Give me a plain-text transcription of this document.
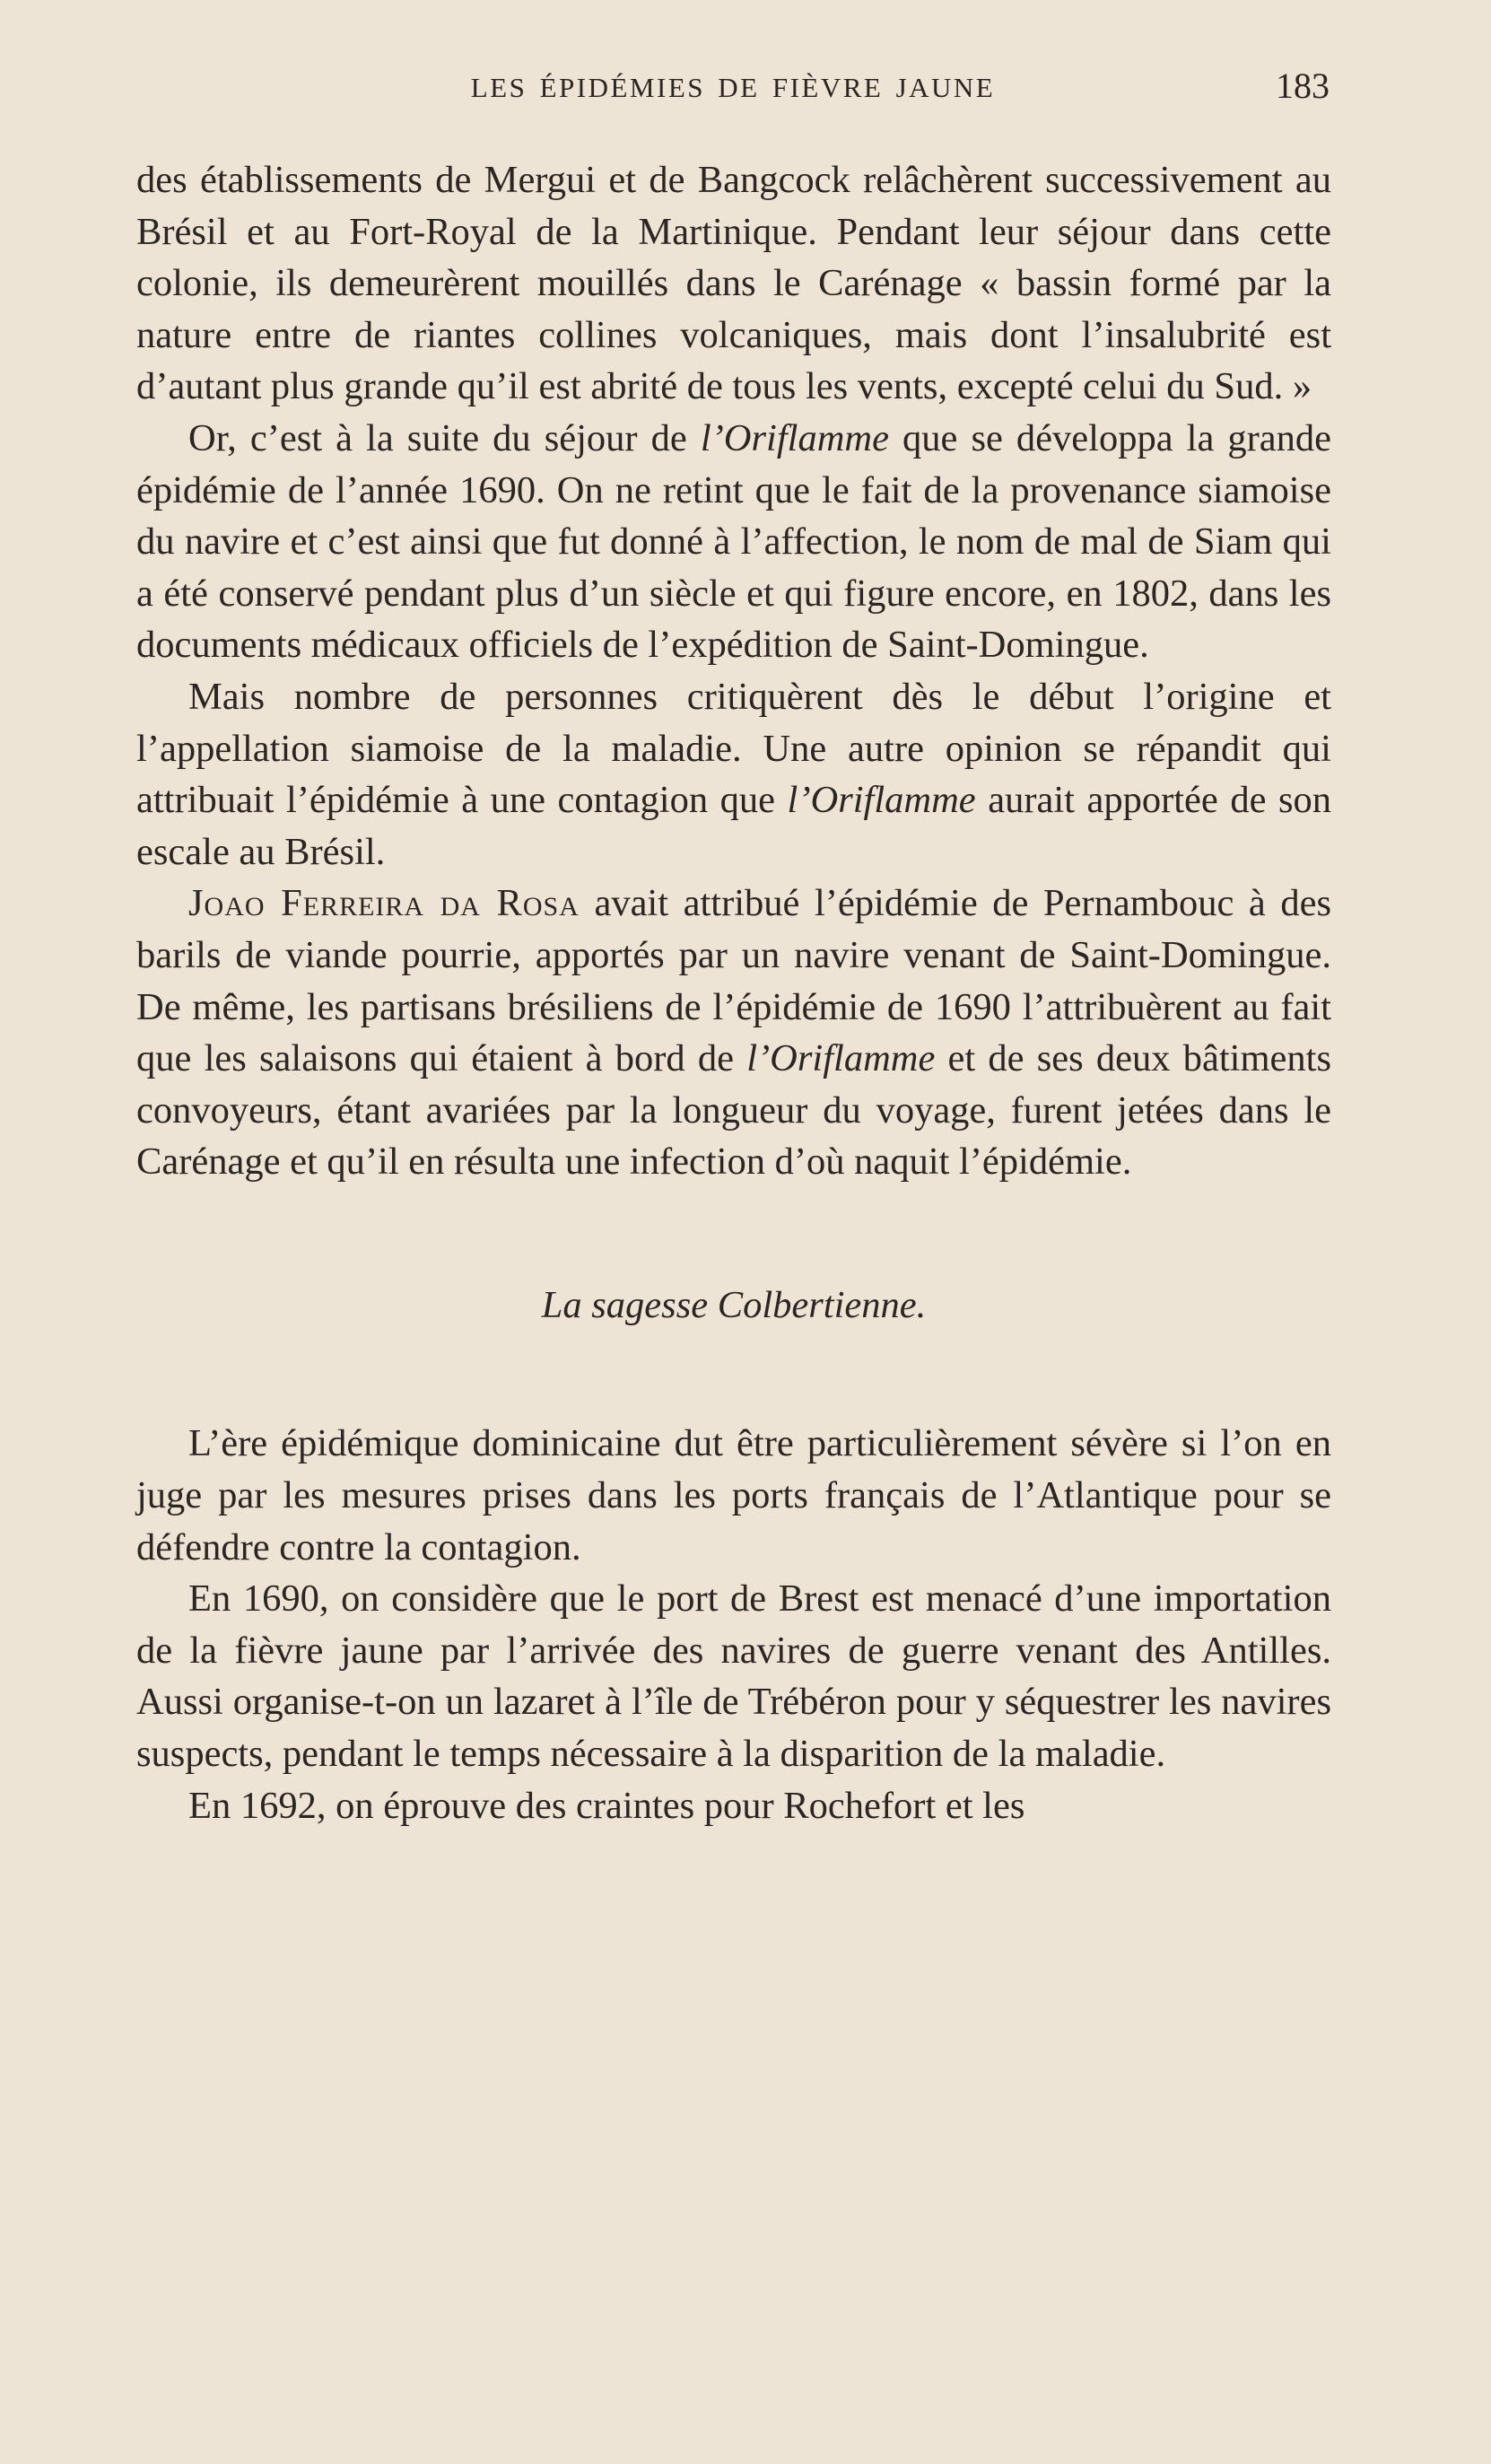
LES ÉPIDÉMIES DE FIÈVRE JAUNE	183

des établissements de Mergui et de Bangcock relâchèrent successivement au Brésil et au Fort-Royal de la Martinique. Pendant leur séjour dans cette colonie, ils demeurèrent mouillés dans le Carénage « bassin formé par la nature entre de riantes collines volcaniques, mais dont l’insalubrité est d’autant plus grande qu’il est abrité de tous les vents, excepté celui du Sud. »

Or, c’est à la suite du séjour de l’Oriflamme que se développa la grande épidémie de l’année 1690. On ne retint que le fait de la provenance siamoise du navire et c’est ainsi que fut donné à l’affection, le nom de mal de Siam qui a été conservé pendant plus d’un siècle et qui figure encore, en 1802, dans les documents médicaux officiels de l’expédition de Saint-Domingue.

Mais nombre de personnes critiquèrent dès le début l’origine et l’appellation siamoise de la maladie. Une autre opinion se répandit qui attribuait l’épidémie à une contagion que l’Oriflamme aurait apportée de son escale au Brésil.

Joao Ferreira da Rosa avait attribué l’épidémie de Pernambouc à des barils de viande pourrie, apportés par un navire venant de Saint-Domingue. De même, les partisans brésiliens de l’épidémie de 1690 l’attribuèrent au fait que les salaisons qui étaient à bord de l’Oriflamme et de ses deux bâtiments convoyeurs, étant avariées par la longueur du voyage, furent jetées dans le Carénage et qu’il en résulta une infection d’où naquit l’épidémie.

La sagesse Colbertienne.

L’ère épidémique dominicaine dut être particulièrement sévère si l’on en juge par les mesures prises dans les ports français de l’Atlantique pour se défendre contre la contagion.

En 1690, on considère que le port de Brest est menacé d’une importation de la fièvre jaune par l’arrivée des navires de guerre venant des Antilles. Aussi organise-t-on un lazaret à l’île de Trébéron pour y séquestrer les navires suspects, pendant le temps nécessaire à la disparition de la maladie.

En 1692, on éprouve des craintes pour Rochefort et les
